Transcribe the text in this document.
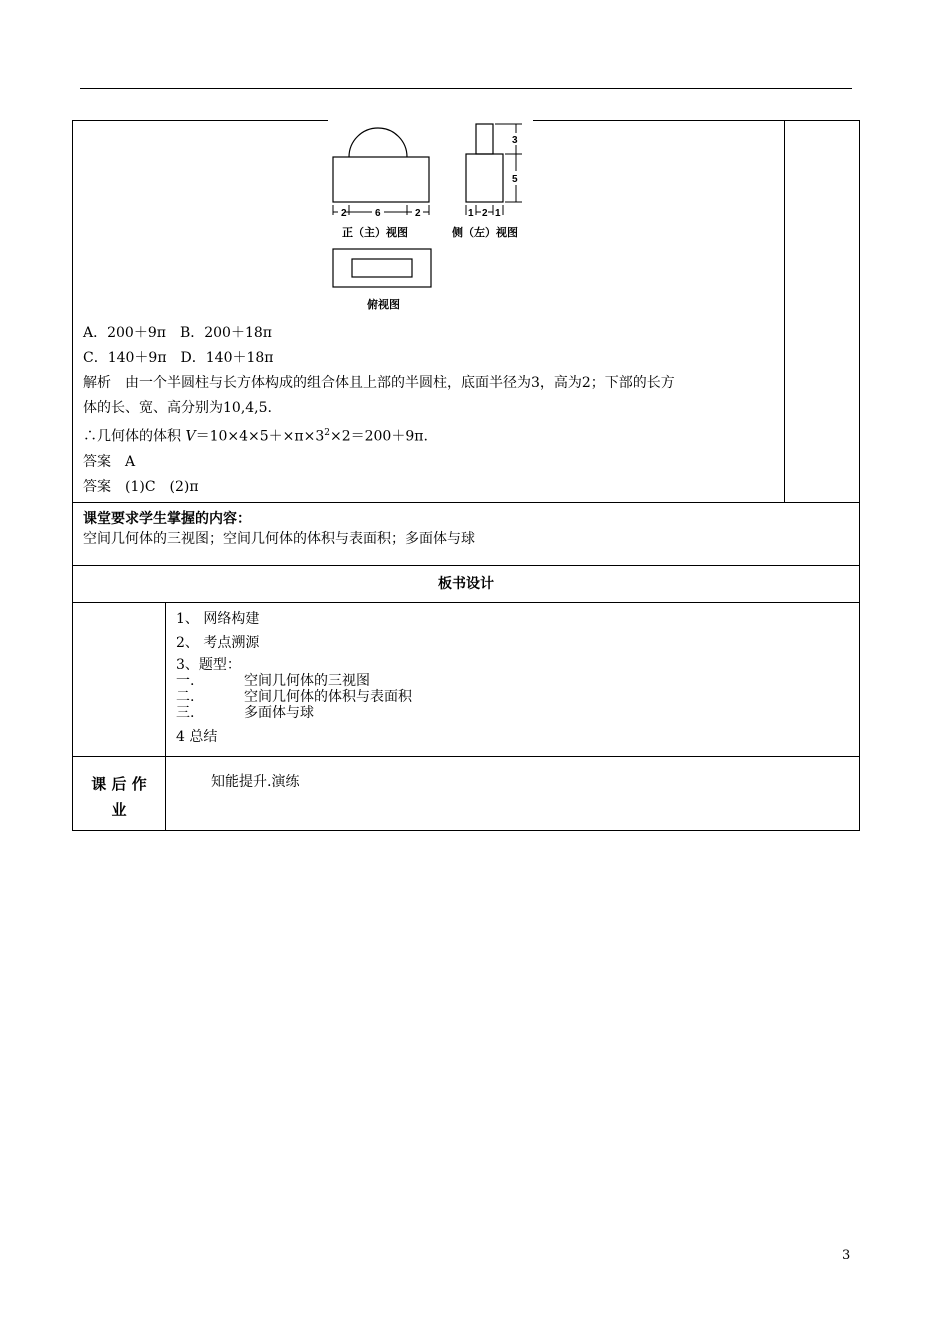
2	6	2
正（主）视图
3
5
1 2 1
侧（左）视图
俯视图
A．200＋9π　B．200＋18π
C．140＋9π　D．140＋18π
解析　由一个半圆柱与长方体构成的组合体且上部的半圆柱，底面半径为3，高为2；下部的长方
体的长、宽、高分别为10,4,5.
∴几何体的体积 $V=10\times 4\times 5+\times\pi\times 3^2\times 2=200+9\pi$.
答案　A
答案　(1)C　(2)π
课堂要求学生掌握的内容：
空间几何体的三视图；空间几何体的体积与表面积；多面体与球
板书设计
1、 网络构建
2、 考点溯源
3、题型：
一.	空间几何体的三视图
二.	空间几何体的体积与表面积
三.	多面体与球
4 总结
课 后 作
业
知能提升.演练
3
